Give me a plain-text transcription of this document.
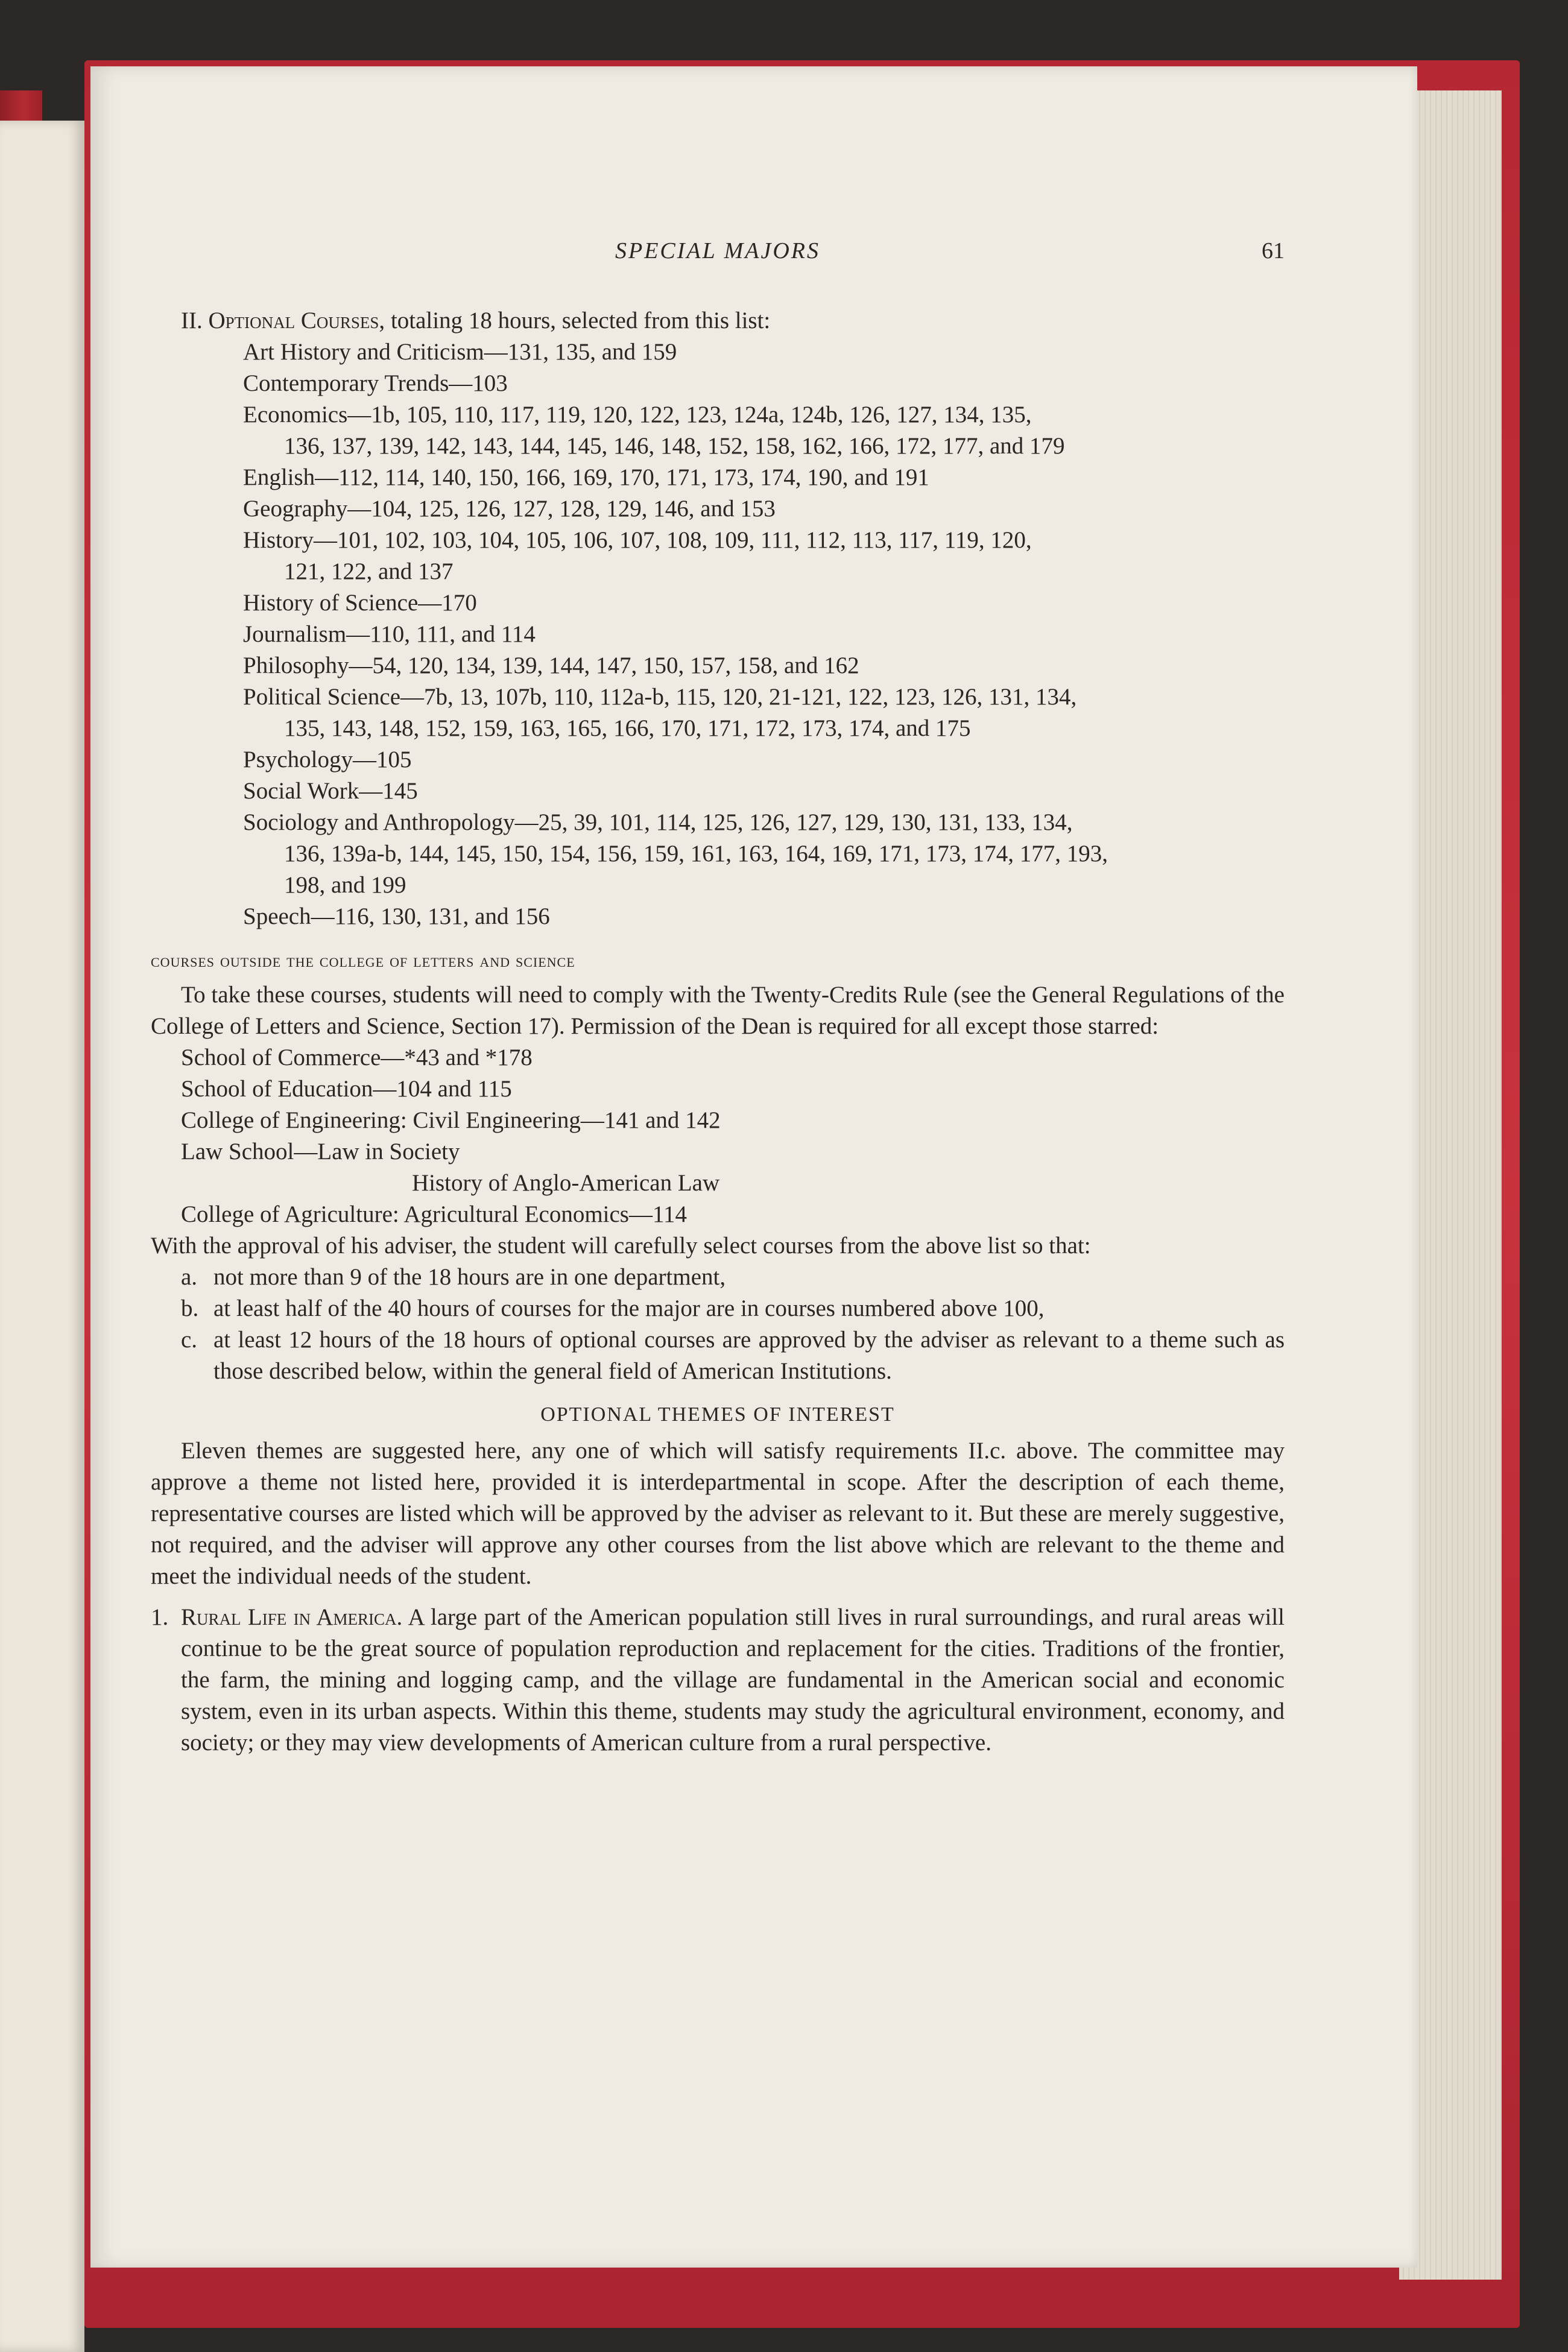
SPECIAL MAJORS	61

II. Optional Courses, totaling 18 hours, selected from this list:

Art History and Criticism—131, 135, and 159
Contemporary Trends—103
Economics—1b, 105, 110, 117, 119, 120, 122, 123, 124a, 124b, 126, 127, 134, 135,
136, 137, 139, 142, 143, 144, 145, 146, 148, 152, 158, 162, 166, 172, 177, and 179
English—112, 114, 140, 150, 166, 169, 170, 171, 173, 174, 190, and 191
Geography—104, 125, 126, 127, 128, 129, 146, and 153
History—101, 102, 103, 104, 105, 106, 107, 108, 109, 111, 112, 113, 117, 119, 120,
121, 122, and 137
History of Science—170
Journalism—110, 111, and 114
Philosophy—54, 120, 134, 139, 144, 147, 150, 157, 158, and 162
Political Science—7b, 13, 107b, 110, 112a-b, 115, 120, 21-121, 122, 123, 126, 131, 134,
135, 143, 148, 152, 159, 163, 165, 166, 170, 171, 172, 173, 174, and 175
Psychology—105
Social Work—145
Sociology and Anthropology—25, 39, 101, 114, 125, 126, 127, 129, 130, 131, 133, 134,
136, 139a-b, 144, 145, 150, 154, 156, 159, 161, 163, 164, 169, 171, 173, 174, 177, 193,
198, and 199
Speech—116, 130, 131, and 156
courses outside the college of letters and science

To take these courses, students will need to comply with the Twenty-Credits Rule (see the General Regulations of the College of Letters and Science, Section 17). Permission of the Dean is required for all except those starred:

School of Commerce—*43 and *178
School of Education—104 and 115
College of Engineering: Civil Engineering—141 and 142
Law School—Law in Society
History of Anglo-American Law
College of Agriculture: Agricultural Economics—114

With the approval of his adviser, the student will carefully select courses from the above list so that:

a. not more than 9 of the 18 hours are in one department,
b. at least half of the 40 hours of courses for the major are in courses numbered above 100,
c. at least 12 hours of the 18 hours of optional courses are approved by the adviser as relevant to a theme such as those described below, within the general field of American Institutions.
OPTIONAL THEMES OF INTEREST

Eleven themes are suggested here, any one of which will satisfy requirements II.c. above. The committee may approve a theme not listed here, provided it is interdepartmental in scope. After the description of each theme, representative courses are listed which will be approved by the adviser as relevant to it. But these are merely suggestive, not required, and the adviser will approve any other courses from the list above which are relevant to the theme and meet the individual needs of the student.

1. Rural Life in America. A large part of the American population still lives in rural surroundings, and rural areas will continue to be the great source of population reproduction and replacement for the cities. Traditions of the frontier, the farm, the mining and logging camp, and the village are fundamental in the American social and economic system, even in its urban aspects. Within this theme, students may study the agricultural environment, economy, and society; or they may view developments of American culture from a rural perspective.
